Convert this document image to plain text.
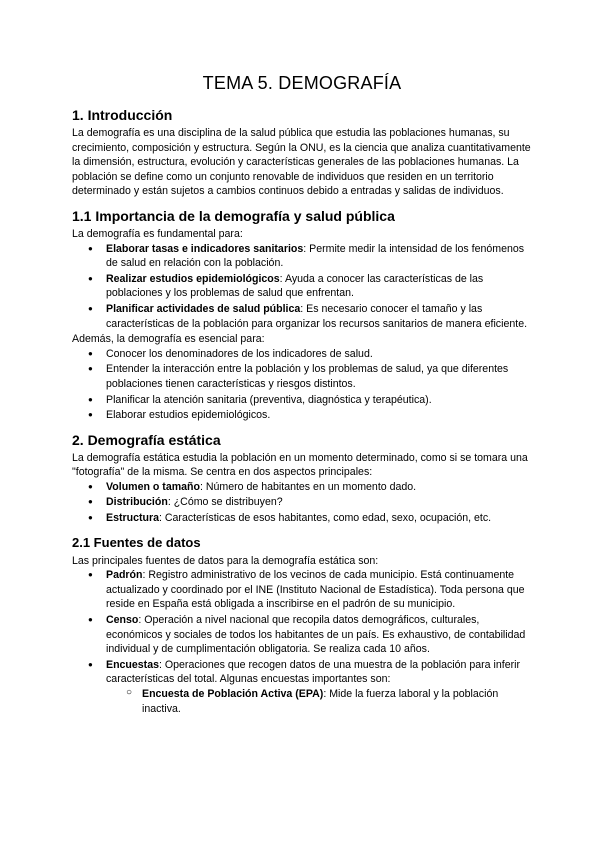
TEMA 5. DEMOGRAFÍA
1. Introducción

La demografía es una disciplina de la salud pública que estudia las poblaciones humanas, su crecimiento, composición y estructura. Según la ONU, es la ciencia que analiza cuantitativamente la dimensión, estructura, evolución y características generales de las poblaciones humanas. La población se define como un conjunto renovable de individuos que residen en un territorio determinado y están sujetos a cambios continuos debido a entradas y salidas de individuos.

1.1 Importancia de la demografía y salud pública

La demografía es fundamental para:

● Elaborar tasas e indicadores sanitarios: Permite medir la intensidad de los fenómenos de salud en relación con la población.
● Realizar estudios epidemiológicos: Ayuda a conocer las características de las poblaciones y los problemas de salud que enfrentan.
● Planificar actividades de salud pública: Es necesario conocer el tamaño y las características de la población para organizar los recursos sanitarios de manera eficiente.

Además, la demografía es esencial para:

● Conocer los denominadores de los indicadores de salud.
● Entender la interacción entre la población y los problemas de salud, ya que diferentes poblaciones tienen características y riesgos distintos.
● Planificar la atención sanitaria (preventiva, diagnóstica y terapéutica).
● Elaborar estudios epidemiológicos.
2. Demografía estática

La demografía estática estudia la población en un momento determinado, como si se tomara una "fotografía" de la misma. Se centra en dos aspectos principales:

● Volumen o tamaño: Número de habitantes en un momento dado.
● Distribución: ¿Cómo se distribuyen?
● Estructura: Características de esos habitantes, como edad, sexo, ocupación, etc.
2.1 Fuentes de datos

Las principales fuentes de datos para la demografía estática son:

● Padrón: Registro administrativo de los vecinos de cada municipio. Está continuamente actualizado y coordinado por el INE (Instituto Nacional de Estadística). Toda persona que reside en España está obligada a inscribirse en el padrón de su municipio.
● Censo: Operación a nivel nacional que recopila datos demográficos, culturales, económicos y sociales de todos los habitantes de un país. Es exhaustivo, de contabilidad individual y de cumplimentación obligatoria. Se realiza cada 10 años.
● Encuestas: Operaciones que recogen datos de una muestra de la población para inferir características del total. Algunas encuestas importantes son:
○ Encuesta de Población Activa (EPA): Mide la fuerza laboral y la población inactiva.
